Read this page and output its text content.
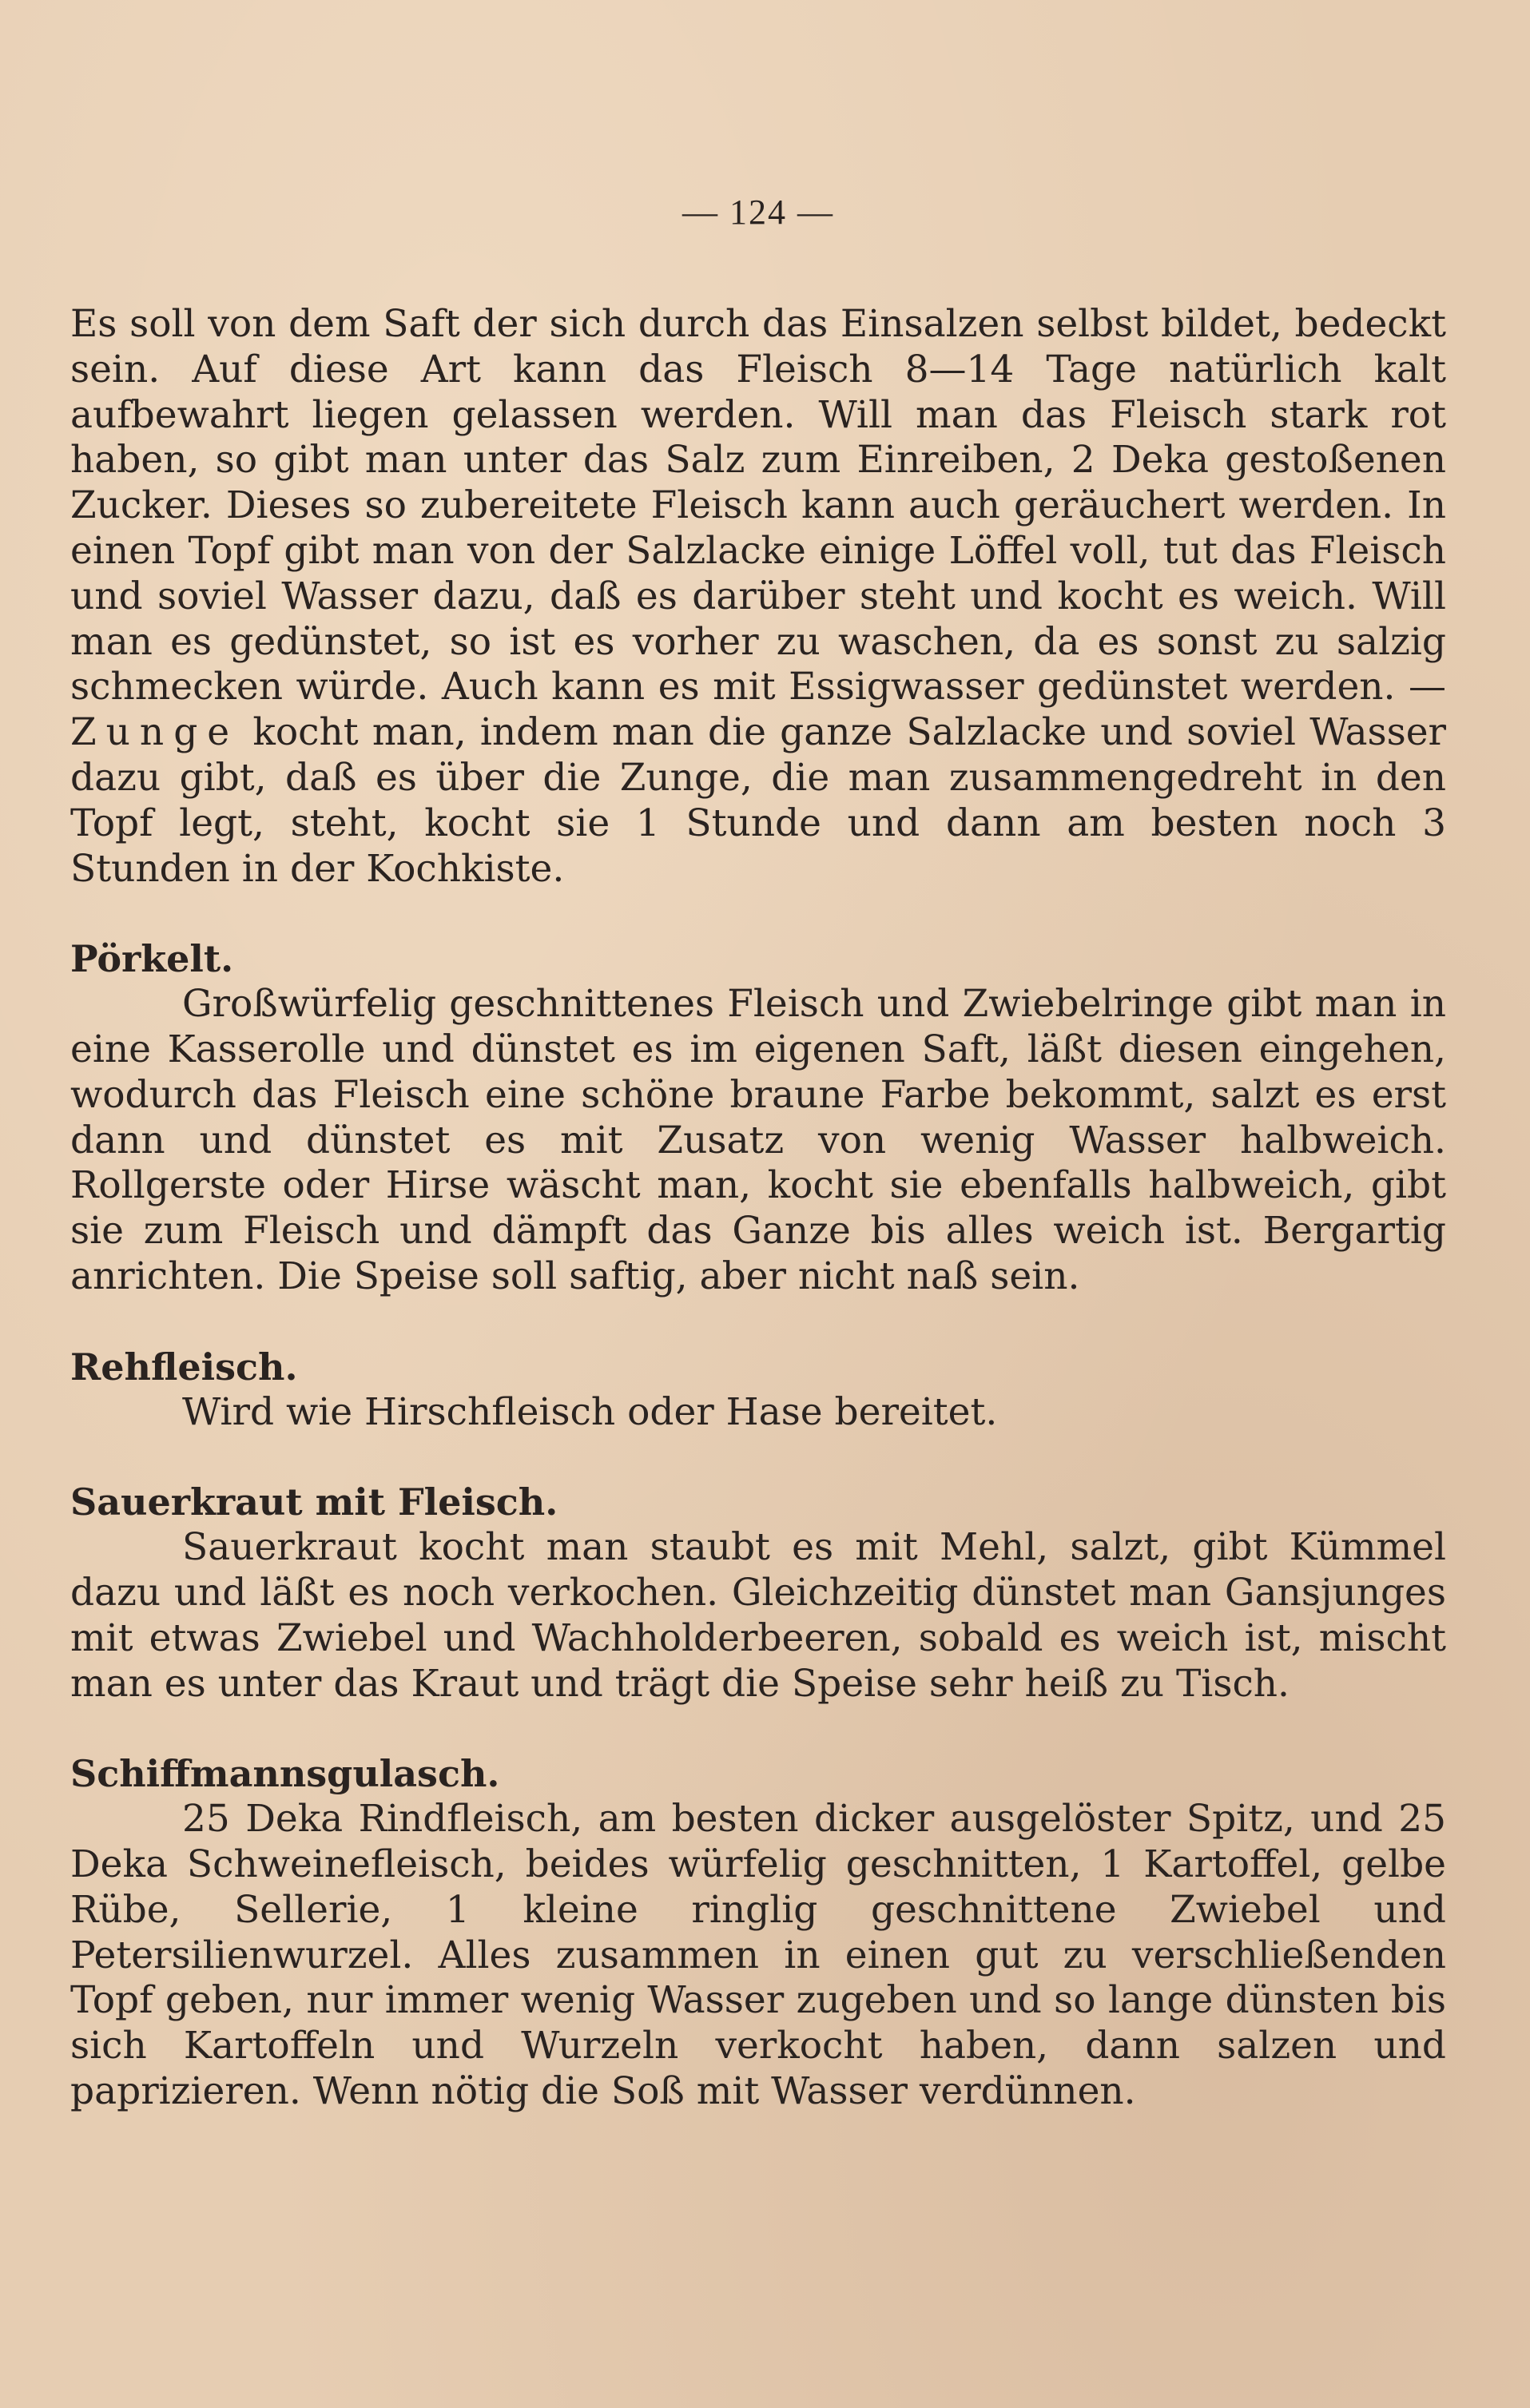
— 124 —

Es soll von dem Saft der sich durch das Einsalzen selbst bildet, bedeckt sein. Auf diese Art kann das Fleisch 8—14 Tage natürlich kalt aufbewahrt liegen gelassen werden. Will man das Fleisch stark rot haben, so gibt man unter das Salz zum Einreiben, 2 Deka gestoßenen Zucker. Dieses so zubereitete Fleisch kann auch geräuchert werden. In einen Topf gibt man von der Salzlacke einige Löffel voll, tut das Fleisch und soviel Wasser dazu, daß es darüber steht und kocht es weich. Will man es gedünstet, so ist es vorher zu waschen, da es sonst zu salzig schmecken würde. Auch kann es mit Essigwasser gedünstet werden. — Zunge kocht man, indem man die ganze Salzlacke und soviel Wasser dazu gibt, daß es über die Zunge, die man zusammengedreht in den Topf legt, steht, kocht sie 1 Stunde und dann am besten noch 3 Stunden in der Kochkiste.

Pörkelt.

Großwürfelig geschnittenes Fleisch und Zwiebelringe gibt man in eine Kasserolle und dünstet es im eigenen Saft, läßt diesen eingehen, wodurch das Fleisch eine schöne braune Farbe bekommt, salzt es erst dann und dünstet es mit Zusatz von wenig Wasser halbweich. Rollgerste oder Hirse wäscht man, kocht sie ebenfalls halbweich, gibt sie zum Fleisch und dämpft das Ganze bis alles weich ist. Bergartig anrichten. Die Speise soll saftig, aber nicht naß sein.

Rehfleisch.

Wird wie Hirschfleisch oder Hase bereitet.

Sauerkraut mit Fleisch.

Sauerkraut kocht man staubt es mit Mehl, salzt, gibt Kümmel dazu und läßt es noch verkochen. Gleichzeitig dünstet man Gansjunges mit etwas Zwiebel und Wachholderbeeren, sobald es weich ist, mischt man es unter das Kraut und trägt die Speise sehr heiß zu Tisch.

Schiffmannsgulasch.

25 Deka Rindfleisch, am besten dicker ausgelöster Spitz, und 25 Deka Schweinefleisch, beides würfelig geschnitten, 1 Kartoffel, gelbe Rübe, Sellerie, 1 kleine ringlig geschnittene Zwiebel und Petersilienwurzel. Alles zusammen in einen gut zu verschließenden Topf geben, nur immer wenig Wasser zugeben und so lange dünsten bis sich Kartoffeln und Wurzeln verkocht haben, dann salzen und paprizieren. Wenn nötig die Soß mit Wasser verdünnen.
